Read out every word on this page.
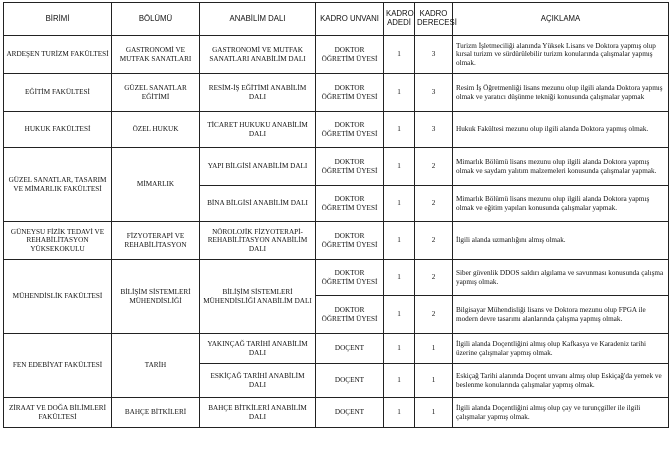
BİRİMİ	BÖLÜMÜ	ANABİLİM DALI	KADRO UNVANI	KADRO ADEDİ	KADRO DERECESİ	AÇIKLAMA
ARDEŞEN TURİZM FAKÜLTESİ	GASTRONOMİ VE MUTFAK SANATLARI	GASTRONOMİ VE MUTFAK SANATLARI ANABİLİM DALI	DOKTOR ÖĞRETİM ÜYESİ	1	3	Turizm İşletmeciliği alanında Yüksek Lisans ve Doktora yapmış olup kırsal turizm ve sürdürülebilir turizm konularında çalışmalar yapmış olmak.
EĞİTİM FAKÜLTESİ	GÜZEL SANATLAR EĞİTİMİ	RESİM-İŞ EĞİTİMİ ANABİLİM DALI	DOKTOR ÖĞRETİM ÜYESİ	1	3	Resim İş Öğretmenliği lisans mezunu olup ilgili alanda Doktora yapmış olmak ve yaratıcı düşünme tekniği konusunda çalışmalar yapmak
HUKUK FAKÜLTESİ	ÖZEL HUKUK	TİCARET HUKUKU ANABİLİM DALI	DOKTOR ÖĞRETİM ÜYESİ	1	3	Hukuk Fakültesi mezunu olup ilgili alanda Doktora yapmış olmak.
GÜZEL SANATLAR, TASARIM VE MİMARLIK FAKÜLTESİ	MİMARLIK	YAPI BİLGİSİ ANABİLİM DALI	DOKTOR ÖĞRETİM ÜYESİ	1	2	Mimarlık Bölümü lisans mezunu olup ilgili alanda Doktora yapmış olmak ve saydam yalıtım malzemeleri konusunda çalışmalar yapmak.
		BİNA BİLGİSİ ANABİLİM DALI	DOKTOR ÖĞRETİM ÜYESİ	1	2	Mimarlık Bölümü lisans mezunu olup ilgili alanda Doktora yapmış olmak ve eğitim yapıları konusunda çalışmalar yapmak.
GÜNEYSU FİZİK TEDAVİ VE REHABİLİTASYON YÜKSEKOKULU	FİZYOTERAPİ VE REHABİLİTASYON	NÖROLOJİK FİZYOTERAPİ-REHABİLİTASYON ANABİLİM DALI	DOKTOR ÖĞRETİM ÜYESİ	1	2	İlgili alanda uzmanlığını almış olmak.
MÜHENDİSLİK FAKÜLTESİ	BİLİŞİM SİSTEMLERİ MÜHENDİSLİĞİ	BİLİŞİM SİSTEMLERİ MÜHENDİSLİĞİ ANABİLİM DALI	DOKTOR ÖĞRETİM ÜYESİ	1	2	Siber güvenlik DDOS saldırı algılama ve savunması konusunda çalışma yapmış olmak.
			DOKTOR ÖĞRETİM ÜYESİ	1	2	Bilgisayar Mühendisliği lisans ve Doktora mezunu olup FPGA ile modern devre tasarımı alanlarında çalışma yapmış olmak.
FEN EDEBİYAT FAKÜLTESİ	TARİH	YAKINÇAĞ TARİHİ ANABİLİM DALI	DOÇENT	1	1	İlgili alanda Doçentliğini almış olup Kafkasya ve Karadeniz tarihi üzerine çalışmalar yapmış olmak.
		ESKİÇAĞ TARİHİ ANABİLİM DALI	DOÇENT	1	1	Eskiçağ Tarihi alanında Doçent unvanı almış olup Eskiçağ'da yemek ve beslenme konularında çalışmalar yapmış olmak.
ZİRAAT VE DOĞA BİLİMLERİ FAKÜLTESİ	BAHÇE BİTKİLERİ	BAHÇE BİTKİLERİ ANABİLİM DALI	DOÇENT	1	1	İlgili alanda Doçentliğini almış olup çay ve turunçgiller ile ilgili çalışmalar yapmış olmak.
